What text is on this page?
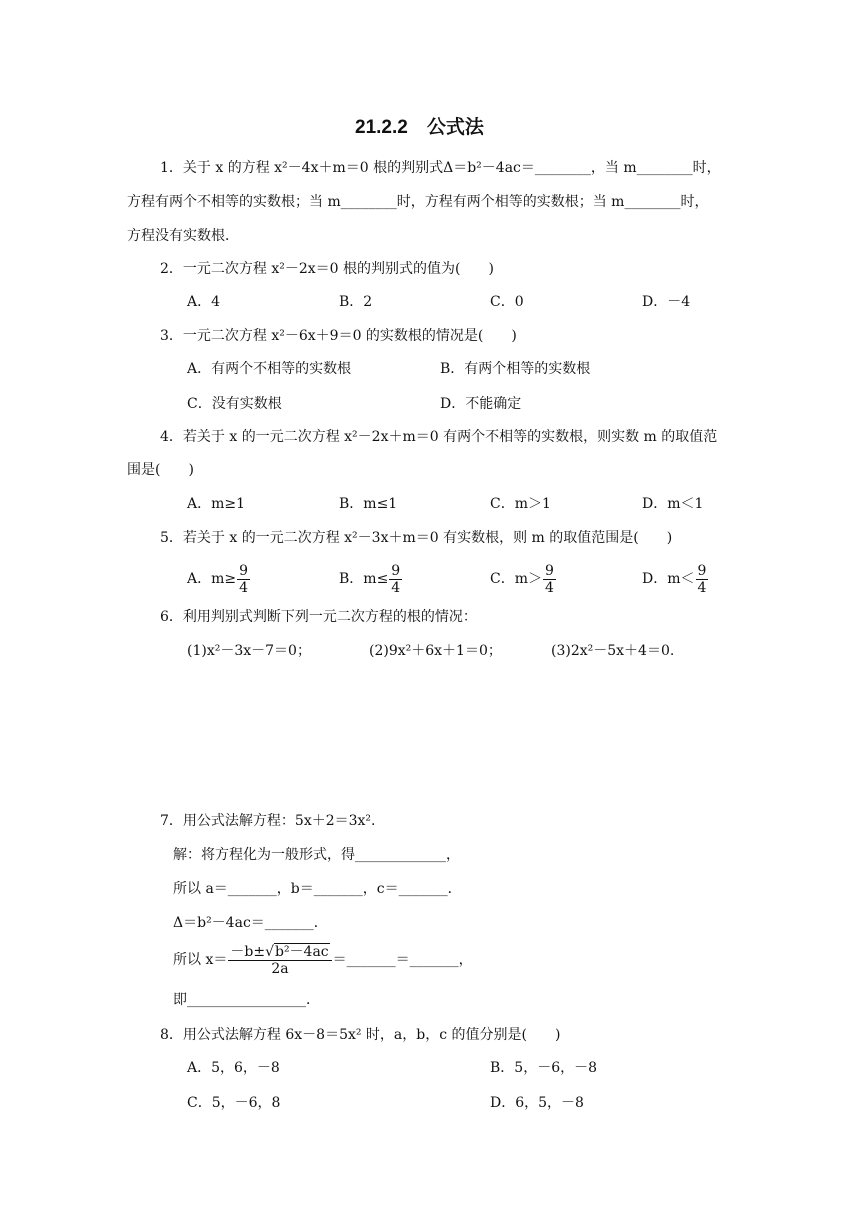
21.2.2　公式法
1．关于 x 的方程 x²－4x＋m＝0 根的判别式Δ＝b²－4ac＝________，当 m________时，
方程有两个不相等的实数根；当 m________时，方程有两个相等的实数根；当 m________时，
方程没有实数根．
2．一元二次方程 x²－2x＝0 根的判别式的值为(　　)
A．4	B．2	C．0	D．－4
3．一元二次方程 x²－6x＋9＝0 的实数根的情况是(　　)
A．有两个不相等的实数根	B．有两个相等的实数根
C．没有实数根	D．不能确定
4．若关于 x 的一元二次方程 x²－2x＋m＝0 有两个不相等的实数根，则实数 m 的取值范
围是(　　)
A．m≥1	B．m≤1	C．m＞1	D．m＜1
5．若关于 x 的一元二次方程 x²－3x＋m＝0 有实数根，则 m 的取值范围是(　　)
A．$m\ge \frac{9}{4}$	B．$m\le \frac{9}{4}$	C．$m> \frac{9}{4}$	D．$m< \frac{9}{4}$
6．利用判别式判断下列一元二次方程的根的情况：
(1)x²－3x－7＝0；	(2)9x²＋6x＋1＝0；	(3)2x²－5x＋4＝0.
7．用公式法解方程：5x＋2＝3x².
解：将方程化为一般形式，得_____________，
所以 a＝_______，b＝_______，c＝_______．
Δ＝b²－4ac＝_______．
所以 $x= \frac{\text{－b±√b²－4ac}}{2a}$ ＝_______＝_______，
即_________________．
8．用公式法解方程 6x－8＝5x² 时，a，b，c 的值分别是(　　)
A．5，6，－8	B．5，－6，－8
C．5，－6，8	D．6，5，－8
